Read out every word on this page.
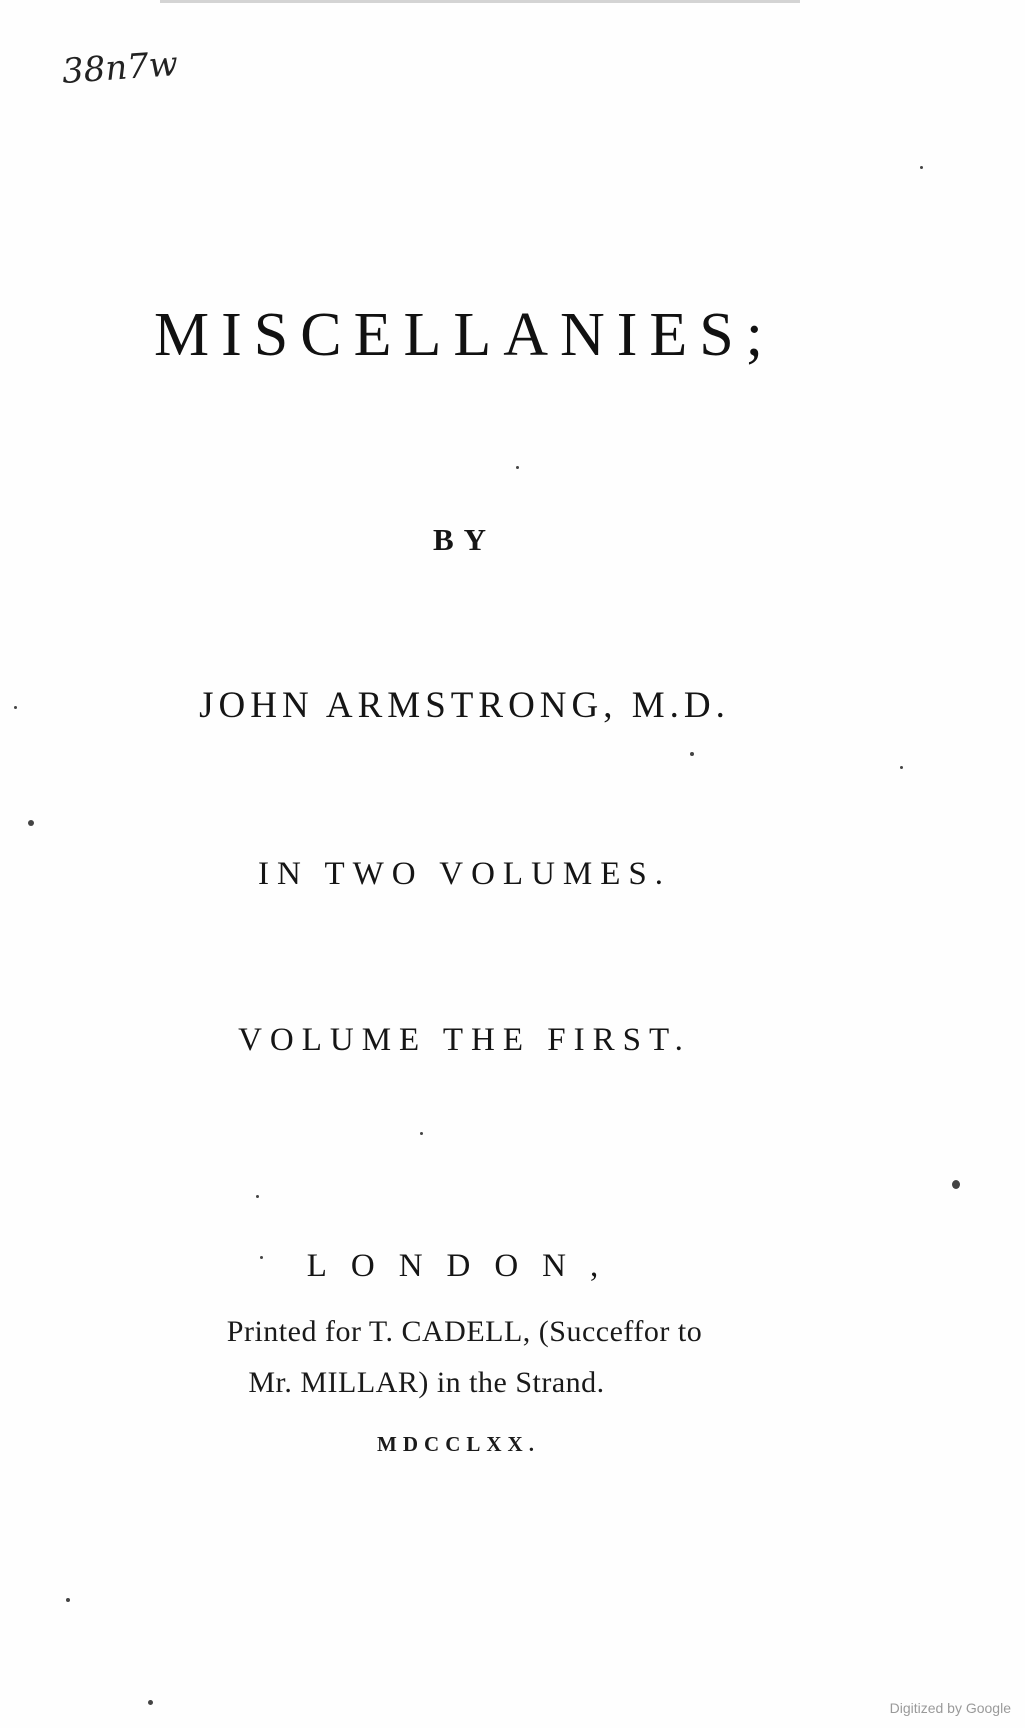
38n7w
MISCELLANIES;
BY
JOHN ARMSTRONG, M.D.
IN TWO VOLUMES.
VOLUME THE FIRST.
LONDON,
Printed for T. CADELL, (Succeffor to
Mr. MILLAR) in the Strand.
MDCCLXX.
Digitized by Google
